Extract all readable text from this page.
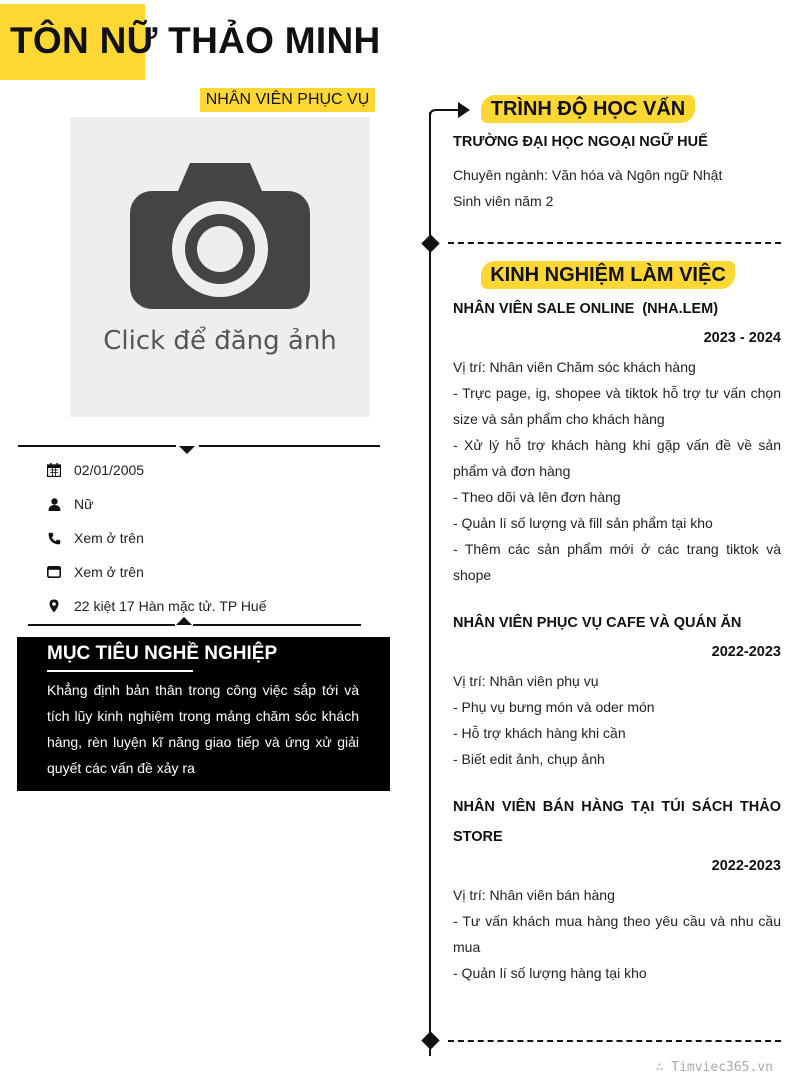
TÔN NỮ THẢO MINH
NHÂN VIÊN PHỤC VỤ
Click để đăng ảnh
02/01/2005
Nữ
Xem ở trên
Xem ở trên
22 kiệt 17 Hàn mặc tử. TP Huế
MỤC TIÊU NGHỀ NGHIỆP
Khẳng định bản thân trong công việc sắp tới và tích lũy kinh nghiệm trong mảng chăm sóc khách hàng, rèn luyện kĩ năng giao tiếp và ứng xử giải quyết các vấn đề xảy ra
TRÌNH ĐỘ HỌC VẤN
TRƯỜNG ĐẠI HỌC NGOẠI NGỮ HUẾ
Chuyên ngành: Văn hóa và Ngôn ngữ Nhật
Sinh viên năm 2
KINH NGHIỆM LÀM VIỆC
NHÂN VIÊN SALE ONLINE  (NHA.LEM)
2023 - 2024
Vị trí: Nhân viên Chăm sóc khách hàng
- Trực page, ig, shopee và tiktok hỗ trợ tư vấn chọn size và sản phẩm cho khách hàng
- Xử lý hỗ trợ khách hàng khi gặp vấn đề về sản phẩm và đơn hàng
- Theo dõi và lên đơn hàng
- Quản lí số lượng và fill sản phẩm tại kho
- Thêm các sản phẩm mới ở các trang tiktok và shope
NHÂN VIÊN PHỤC VỤ CAFE VÀ QUÁN ĂN
2022-2023
Vị trí: Nhân viên phụ vụ
- Phụ vụ bưng món và oder món
- Hỗ trợ khách hàng khi cần
- Biết edit ảnh, chụp ảnh
NHÂN VIÊN BÁN HÀNG TẠI TÚI SÁCH THẢO STORE
2022-2023
Vị trí: Nhân viên bán hàng
- Tư vấn khách mua hàng theo yêu cầu và nhu cầu mua
- Quản lí số lượng hàng tại kho
∴ Timviec365.vn
